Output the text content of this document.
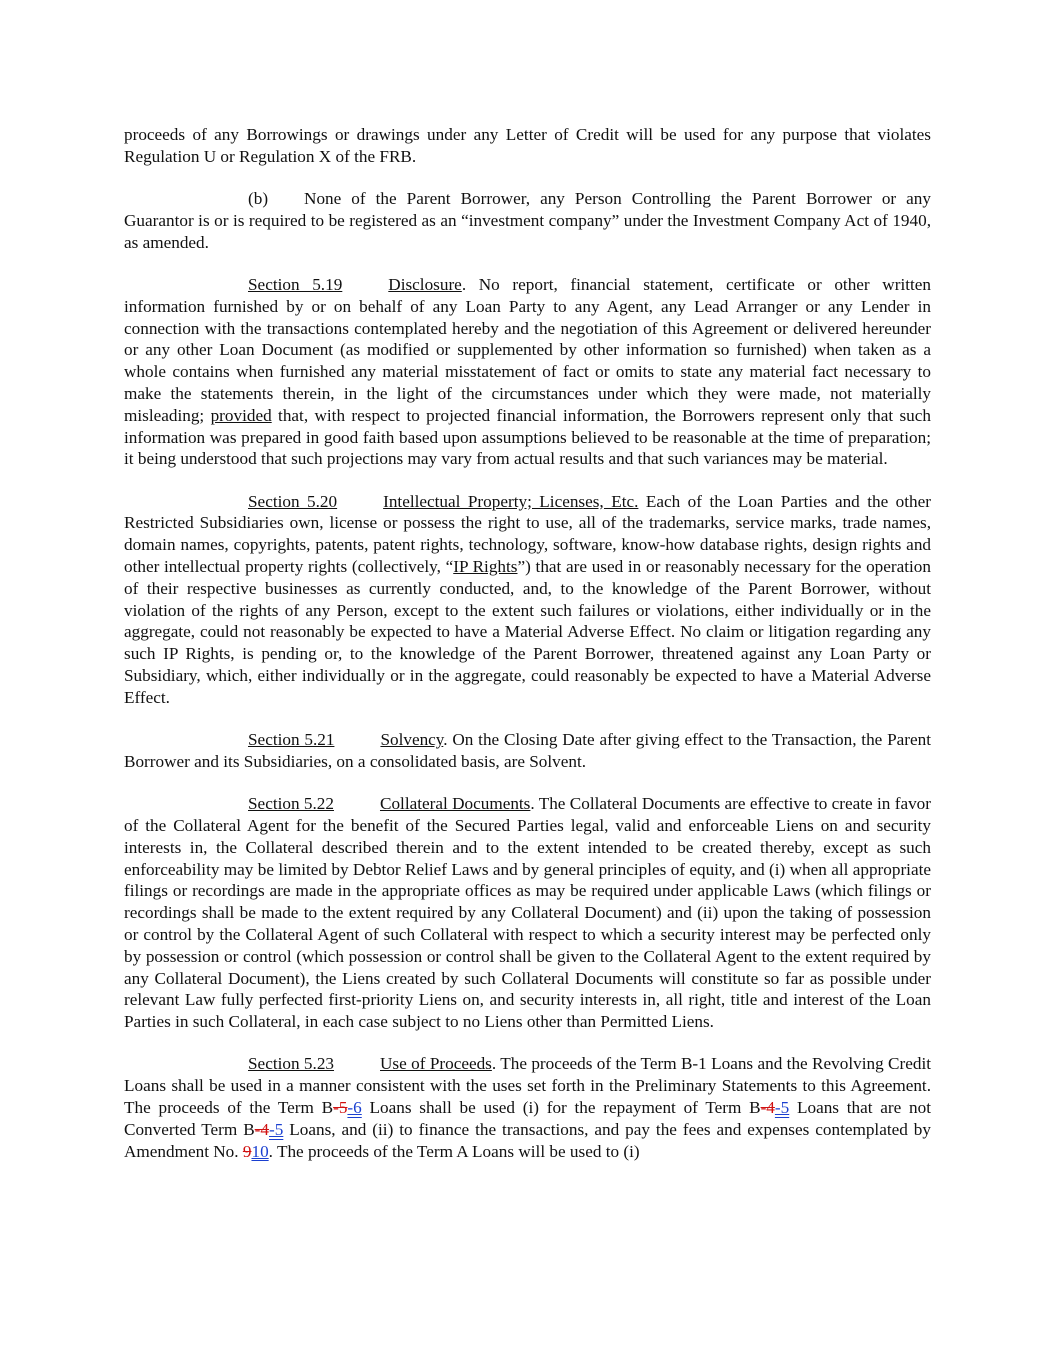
proceeds of any Borrowings or drawings under any Letter of Credit will be used for any purpose that violates Regulation U or Regulation X of the FRB.

(b) None of the Parent Borrower, any Person Controlling the Parent Borrower or any Guarantor is or is required to be registered as an “investment company” under the Investment Company Act of 1940, as amended.

Section 5.19	Disclosure. No report, financial statement, certificate or other written information furnished by or on behalf of any Loan Party to any Agent, any Lead Arranger or any Lender in connection with the transactions contemplated hereby and the negotiation of this Agreement or delivered hereunder or any other Loan Document (as modified or supplemented by other information so furnished) when taken as a whole contains when furnished any material misstatement of fact or omits to state any material fact necessary to make the statements therein, in the light of the circumstances under which they were made, not materially misleading; provided that, with respect to projected financial information, the Borrowers represent only that such information was prepared in good faith based upon assumptions believed to be reasonable at the time of preparation; it being understood that such projections may vary from actual results and that such variances may be material.

Section 5.20	Intellectual Property; Licenses, Etc. Each of the Loan Parties and the other Restricted Subsidiaries own, license or possess the right to use, all of the trademarks, service marks, trade names, domain names, copyrights, patents, patent rights, technology, software, know-how database rights, design rights and other intellectual property rights (collectively, “IP Rights”) that are used in or reasonably necessary for the operation of their respective businesses as currently conducted, and, to the knowledge of the Parent Borrower, without violation of the rights of any Person, except to the extent such failures or violations, either individually or in the aggregate, could not reasonably be expected to have a Material Adverse Effect. No claim or litigation regarding any such IP Rights, is pending or, to the knowledge of the Parent Borrower, threatened against any Loan Party or Subsidiary, which, either individually or in the aggregate, could reasonably be expected to have a Material Adverse Effect.

Section 5.21	Solvency. On the Closing Date after giving effect to the Transaction, the Parent Borrower and its Subsidiaries, on a consolidated basis, are Solvent.

Section 5.22	Collateral Documents. The Collateral Documents are effective to create in favor of the Collateral Agent for the benefit of the Secured Parties legal, valid and enforceable Liens on and security interests in, the Collateral described therein and to the extent intended to be created thereby, except as such enforceability may be limited by Debtor Relief Laws and by general principles of equity, and (i) when all appropriate filings or recordings are made in the appropriate offices as may be required under applicable Laws (which filings or recordings shall be made to the extent required by any Collateral Document) and (ii) upon the taking of possession or control by the Collateral Agent of such Collateral with respect to which a security interest may be perfected only by possession or control (which possession or control shall be given to the Collateral Agent to the extent required by any Collateral Document), the Liens created by such Collateral Documents will constitute so far as possible under relevant Law fully perfected first-priority Liens on, and security interests in, all right, title and interest of the Loan Parties in such Collateral, in each case subject to no Liens other than Permitted Liens.

Section 5.23	Use of Proceeds. The proceeds of the Term B-1 Loans and the Revolving Credit Loans shall be used in a manner consistent with the uses set forth in the Preliminary Statements to this Agreement. The proceeds of the Term B-5-6 Loans shall be used (i) for the repayment of Term B-4-5 Loans that are not Converted Term B-4-5 Loans, and (ii) to finance the transactions, and pay the fees and expenses contemplated by Amendment No. 910. The proceeds of the Term A Loans will be used to (i)
